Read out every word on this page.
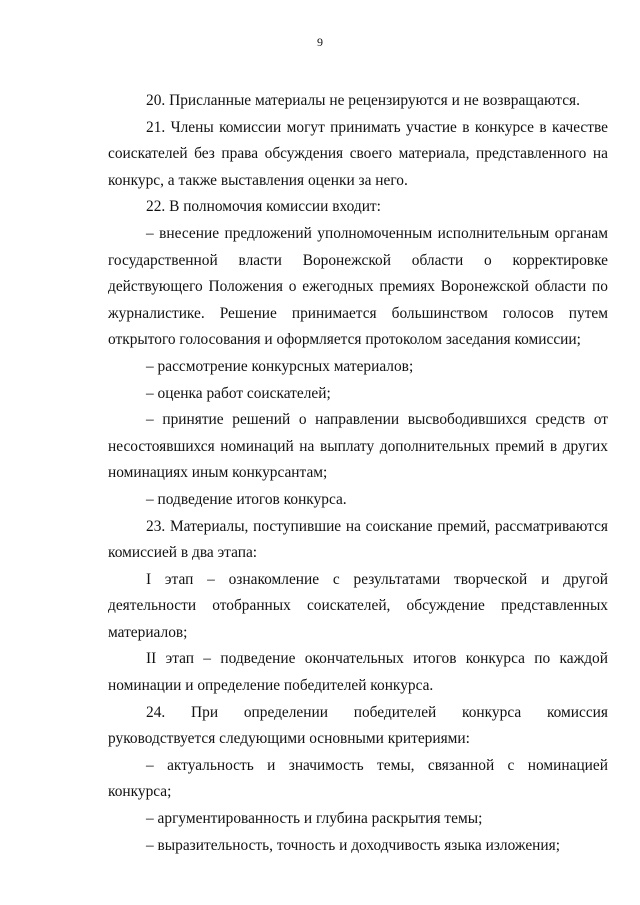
9

20. Присланные материалы не рецензируются и не возвращаются.

21. Члены комиссии могут принимать участие в конкурсе в качестве соискателей без права обсуждения своего материала, представленного на конкурс, а также выставления оценки за него.

22. В полномочия комиссии входит:

– внесение предложений уполномоченным исполнительным органам государственной власти Воронежской области о корректировке действующего Положения о ежегодных премиях Воронежской области по журналистике. Решение принимается большинством голосов путем открытого голосования и оформляется протоколом заседания комиссии;

– рассмотрение конкурсных материалов;

– оценка работ соискателей;

– принятие решений о направлении высвободившихся средств от несостоявшихся номинаций на выплату дополнительных премий в других номинациях иным конкурсантам;

– подведение итогов конкурса.

23. Материалы, поступившие на соискание премий, рассматриваются комиссией в два этапа:

I этап – ознакомление с результатами творческой и другой деятельности отобранных соискателей, обсуждение представленных материалов;

II этап – подведение окончательных итогов конкурса по каждой номинации и определение победителей конкурса.

24. При определении победителей конкурса комиссия руководствуется следующими основными критериями:

– актуальность и значимость темы, связанной с номинацией конкурса;

– аргументированность и глубина раскрытия темы;

– выразительность, точность и доходчивость языка изложения;
